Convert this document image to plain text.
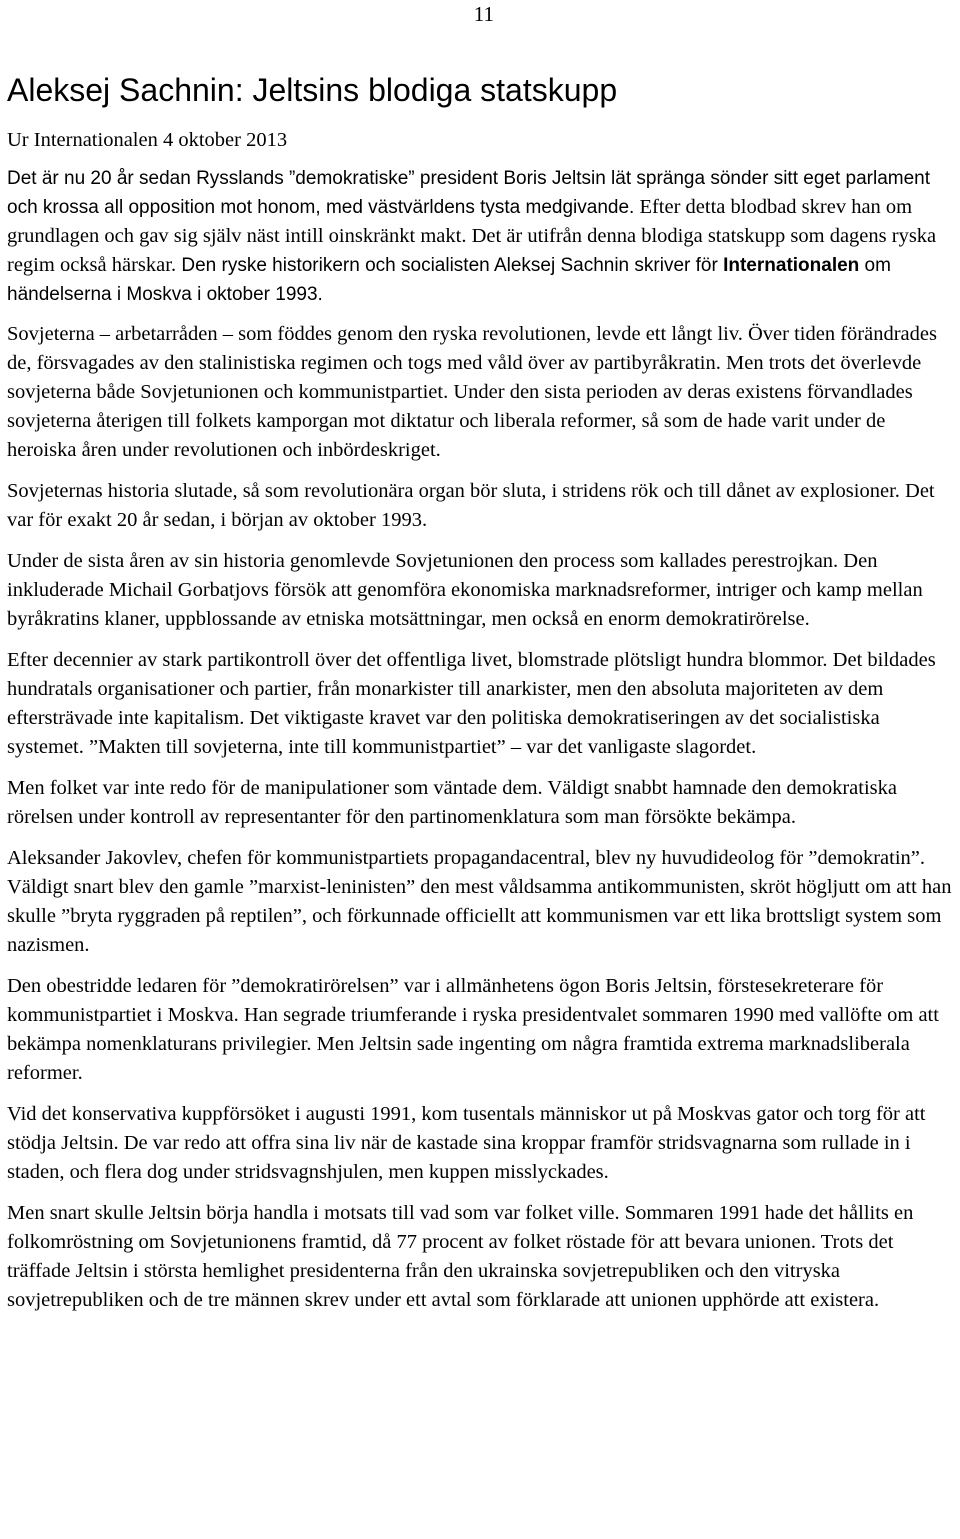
11
Aleksej Sachnin: Jeltsins blodiga statskupp

Ur Internationalen 4 oktober 2013

Det är nu 20 år sedan Rysslands ”demokratiske” president Boris Jeltsin lät spränga sönder sitt eget parlament och krossa all opposition mot honom, med västvärldens tysta medgivande. Efter detta blodbad skrev han om grundlagen och gav sig själv näst intill oinskränkt makt. Det är utifrån denna blodiga statskupp som dagens ryska regim också härskar. Den ryske historikern och socialisten Aleksej Sachnin skriver för Internationalen om händelserna i Moskva i oktober 1993.

Sovjeterna – arbetarråden – som föddes genom den ryska revolutionen, levde ett långt liv. Över tiden förändrades de, försvagades av den stalinistiska regimen och togs med våld över av partibyråkratin. Men trots det överlevde sovjeterna både Sovjetunionen och kommunistpartiet. Under den sista perioden av deras existens förvandlades sovjeterna återigen till folkets kamporgan mot diktatur och liberala reformer, så som de hade varit under de heroiska åren under revolutionen och inbördeskriget.

Sovjeternas historia slutade, så som revolutionära organ bör sluta, i stridens rök och till dånet av explosioner. Det var för exakt 20 år sedan, i början av oktober 1993.

Under de sista åren av sin historia genomlevde Sovjetunionen den process som kallades perestrojkan. Den inkluderade Michail Gorbatjovs försök att genomföra ekonomiska marknadsreformer, intriger och kamp mellan byråkratins klaner, uppblossande av etniska motsättningar, men också en enorm demokratirörelse.

Efter decennier av stark partikontroll över det offentliga livet, blomstrade plötsligt hundra blommor. Det bildades hundratals organisationer och partier, från monarkister till anarkister, men den absoluta majoriteten av dem eftersträvade inte kapitalism. Det viktigaste kravet var den politiska demokratiseringen av det socialistiska systemet. ”Makten till sovjeterna, inte till kommunistpartiet” – var det vanligaste slagordet.

Men folket var inte redo för de manipulationer som väntade dem. Väldigt snabbt hamnade den demokratiska rörelsen under kontroll av representanter för den partinomenklatura som man försökte bekämpa.

Aleksander Jakovlev, chefen för kommunistpartiets propagandacentral, blev ny huvudideolog för ”demokratin”. Väldigt snart blev den gamle ”marxist-leninisten” den mest våldsamma antikommunisten, skröt högljutt om att han skulle ”bryta ryggraden på reptilen”, och förkunnade officiellt att kommunismen var ett lika brottsligt system som nazismen.

Den obestridde ledaren för ”demokratirörelsen” var i allmänhetens ögon Boris Jeltsin, förstesekreterare för kommunistpartiet i Moskva. Han segrade triumferande i ryska presidentvalet sommaren 1990 med vallöfte om att bekämpa nomenklaturans privilegier. Men Jeltsin sade ingenting om några framtida extrema marknadsliberala reformer.

Vid det konservativa kuppförsöket i augusti 1991, kom tusentals människor ut på Moskvas gator och torg för att stödja Jeltsin. De var redo att offra sina liv när de kastade sina kroppar framför stridsvagnarna som rullade in i staden, och flera dog under stridsvagnshjulen, men kuppen misslyckades.

Men snart skulle Jeltsin börja handla i motsats till vad som var folket ville. Sommaren 1991 hade det hållits en folkomröstning om Sovjetunionens framtid, då 77 procent av folket röstade för att bevara unionen. Trots det träffade Jeltsin i största hemlighet presidenterna från den ukrainska sovjetrepubliken och den vitryska sovjetrepubliken och de tre männen skrev under ett avtal som förklarade att unionen upphörde att existera.
